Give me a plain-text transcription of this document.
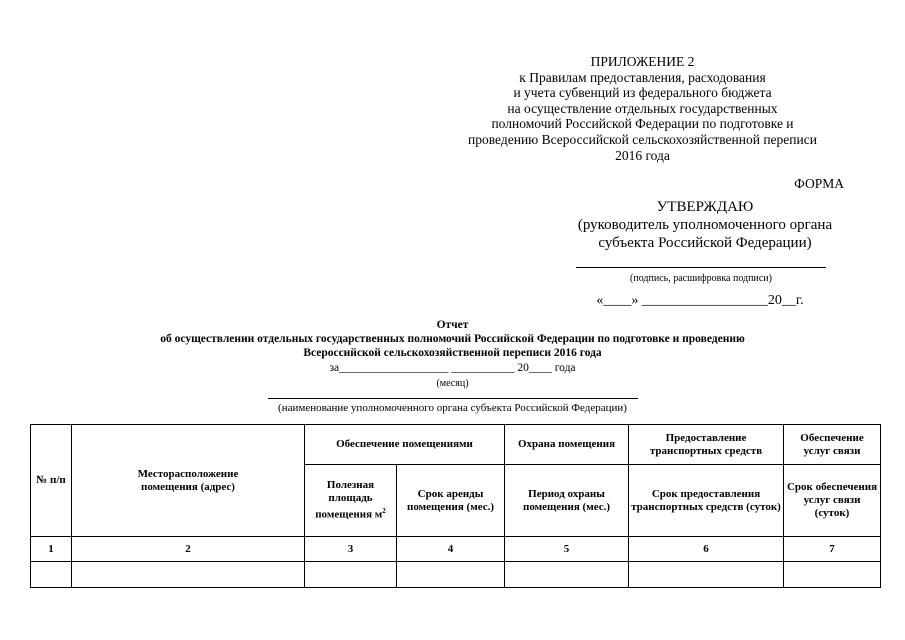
ПРИЛОЖЕНИЕ 2
к Правилам предоставления, расходования
и учета субвенций из федерального бюджета
на осуществление отдельных государственных
полномочий Российской Федерации по подготовке и
проведению Всероссийской сельскохозяйственной переписи
2016 года
ФОРМА
УТВЕРЖДАЮ
(руководитель уполномоченного органа
субъекта Российской Федерации)
(подпись, расшифровка подписи)
«____» __________________20__г.
Отчет
об осуществлении отдельных государственных полномочий Российской Федерации по подготовке и проведению
Всероссийской сельскохозяйственной переписи 2016 года
за___________________ ___________ 20____ года
(месяц)
(наименование уполномоченного органа субъекта Российской Федерации)
№ п/п	Месторасположение помещения (адрес)	Обеспечение помещениями		Охрана помещения	Предоставление транспортных средств	Обеспечение услуг связи
		Полезная площадь помещения $м^2$	Срок аренды помещения (мес.)	Период охраны помещения (мес.)	Срок предоставления транспортных средств (суток)	Срок обеспечения услуг связи (суток)
1	2	3	4	5	6	7
